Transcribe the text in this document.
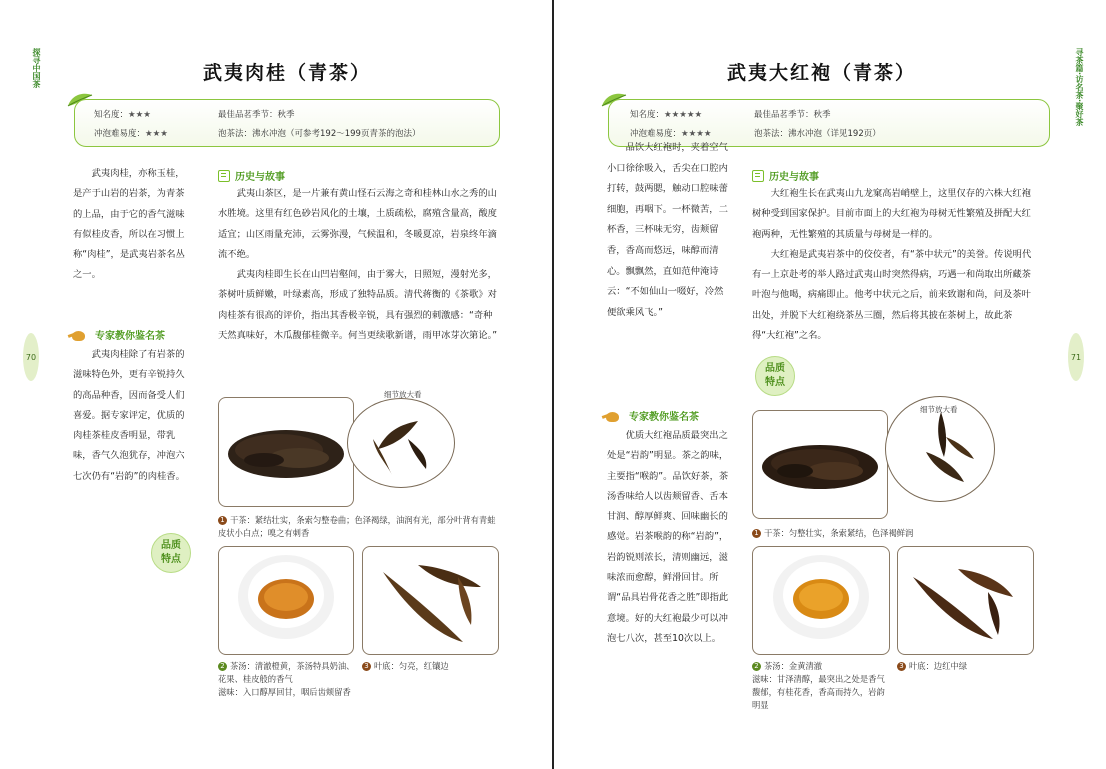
探寻中国茶
70
武夷肉桂（青茶）
知名度：★★★	最佳品茗季节：秋季
冲泡难易度：★★★	泡茶法：沸水冲泡（可参考192～199页青茶的泡法）

武夷肉桂，亦称玉桂，是产于山岩的岩茶，为青茶的上品，由于它的香气滋味有似桂皮香，所以在习惯上称“肉桂”，是武夷岩茶名丛之一。

历史与故事

武夷山茶区，是一片兼有黄山怪石云海之奇和桂林山水之秀的山水胜境。这里有红色砂岩风化的土壤，土质疏松，腐殖含量高，酸度适宜；山区雨量充沛，云雾弥漫，气候温和，冬暖夏凉，岩泉终年滴流不绝。

武夷肉桂即生长在山凹岩壑间，由于雾大，日照短，漫射光多，茶树叶质鲜嫩，叶绿素高，形成了独特品质。清代蒋衡的《茶歌》对肉桂茶有很高的评价，指出其香极辛锐，具有强烈的刺激感：“奇种天然真味好，木瓜馥郁桂微辛。何当更续歌新谱，雨甲冰芽次第论。”

专家教你鉴名茶

武夷肉桂除了有岩茶的滋味特色外，更有辛锐持久的高品种香，因而备受人们喜爱。据专家评定，优质的肉桂茶桂皮香明显，带乳味，香气久泡犹存，冲泡六七次仍有“岩韵”的肉桂香。

品质
特点
细节放大看
1 干茶：紧结壮实，条索匀整卷曲；色泽褐绿，油润有光，部分叶背有青蛙皮状小白点；嗅之有刺香
2 茶汤：清澈橙黄，茶汤特具奶油、花果、桂皮般的香气
滋味：入口醇厚回甘，咽后齿颊留香
3 叶底：匀亮，红镶边
寻茶篇·访名茶·聚好茶
71
武夷大红袍（青茶）
知名度：★★★★★	最佳品茗季节：秋季
冲泡难易度：★★★★	泡茶法：沸水冲泡（详见192页）

品饮大红袍时，夹着空气小口徐徐吸入，舌尖在口腔内打转，鼓两腮，触动口腔味蕾细胞，再咽下。一杯微苦，二杯香，三杯味无穷，齿颊留香，香高而悠远，味醇而清心。飘飘然，直如范仲淹诗云：“不如仙山一啜好，冷然便欲乘风飞。”

历史与故事

大红袍生长在武夷山九龙窠高岩峭壁上，这里仅存的六株大红袍树种受到国家保护。目前市面上的大红袍为母树无性繁殖及拼配大红袍两种，无性繁殖的其质量与母树是一样的。

大红袍是武夷岩茶中的佼佼者，有“茶中状元”的美誉。传说明代有一上京赴考的举人路过武夷山时突然得病，巧遇一和尚取出所藏茶叶泡与他喝，病痛即止。他考中状元之后，前来致谢和尚，问及茶叶出处，并脱下大红袍绕茶丛三圈，然后将其披在茶树上，故此茶得“大红袍”之名。

品质
特点
专家教你鉴名茶

优质大红袍品质最突出之处是“岩韵”明显。茶之韵味，主要指“喉韵”。品饮好茶，茶汤香味给人以齿颊留香、舌本甘润、醇厚鲜爽、回味幽长的感觉。岩茶喉韵的称“岩韵”，岩韵锐则浓长，清则幽远，滋味浓而愈醇，鲜滑回甘。所谓“品具岩骨花香之胜”即指此意境。好的大红袍最少可以冲泡七八次，甚至10次以上。

细节放大看
1 干茶：匀整壮实，条索紧结，色泽褐鲜润
2 茶汤：金黄清澈
滋味：甘泽清醇，最突出之处是香气馥郁，有桂花香，香高而持久，岩韵明显
3 叶底：边红中绿
